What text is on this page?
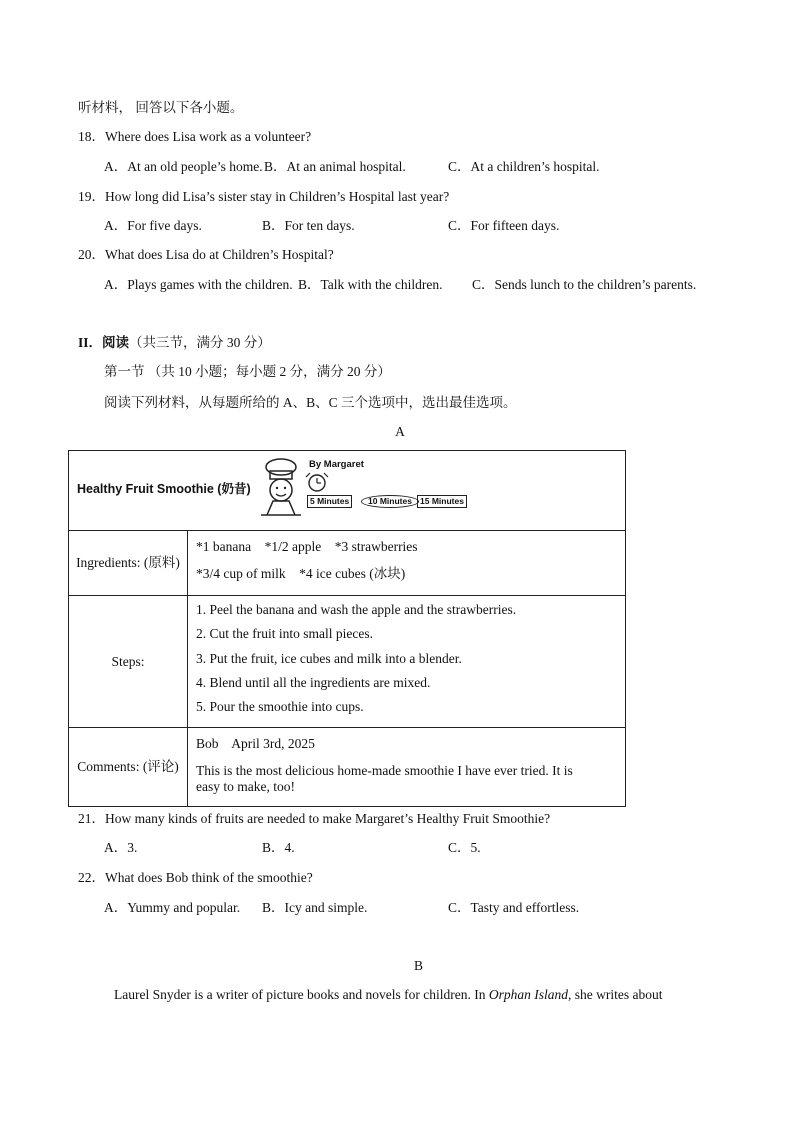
听材料， 回答以下各小题。
18．Where does Lisa work as a volunteer?
A．At an old people’s home. B．At an animal hospital.	C．At a children’s hospital.
19．How long did Lisa’s sister stay in Children’s Hospital last year?
A．For five days.	B．For ten days.	C．For fifteen days.
20．What does Lisa do at Children’s Hospital?
A．Plays games with the children. B．Talk with the children. C．Sends lunch to the children’s parents.
II．阅读（共三节，满分 30 分）
第一节 （共 10 小题；每小题 2 分，满分 20 分）
阅读下列材料，从每题所给的 A、B、C 三个选项中，选出最佳选项。
A
Healthy Fruit Smoothie (奶昔)
By Margaret
5 Minutes	10 Minutes 15 Minutes
Ingredients: (原料)
*1 banana    *1/2 apple    *3 strawberries
*3/4 cup of milk    *4 ice cubes (冰块)
Steps:
1. Peel the banana and wash the apple and the strawberries.
2. Cut the fruit into small pieces.
3. Put the fruit, ice cubes and milk into a blender.
4. Blend until all the ingredients are mixed.
5. Pour the smoothie into cups.
Comments: (评论)
Bob    April 3rd, 2025
This is the most delicious home-made smoothie I have ever tried. It is
easy to make, too!
21．How many kinds of fruits are needed to make Margaret’s Healthy Fruit Smoothie?
A．3.	B．4.	C．5.
22．What does Bob think of the smoothie?
A．Yummy and popular. B．Icy and simple.	C．Tasty and effortless.
B
Laurel Snyder is a writer of picture books and novels for children. In Orphan Island, she writes about
